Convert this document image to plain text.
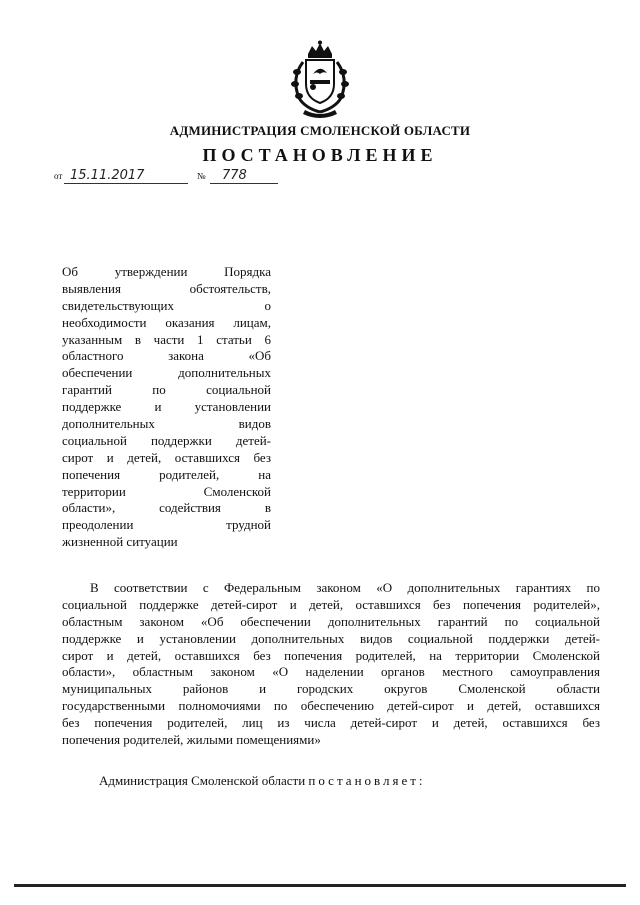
АДМИНИСТРАЦИЯ СМОЛЕНСКОЙ ОБЛАСТИ
ПОСТАНОВЛЕНИЕ
от 15.11.2017	№	778
Об утверждении Порядка
выявления обстоятельств,
свидетельствующих о
необходимости оказания лицам,
указанным в части 1 статьи 6
областного закона «Об
обеспечении дополнительных
гарантий по социальной
поддержке и установлении
дополнительных видов
социальной поддержки детей-
сирот и детей, оставшихся без
попечения родителей, на
территории Смоленской
области», содействия в
преодолении трудной
жизненной ситуации
В соответствии с Федеральным законом «О дополнительных гарантиях по
социальной поддержке детей-сирот и детей, оставшихся без попечения родителей»,
областным законом «Об обеспечении дополнительных гарантий по социальной
поддержке и установлении дополнительных видов социальной поддержки детей-
сирот и детей, оставшихся без попечения родителей, на территории Смоленской
области», областным законом «О наделении органов местного самоуправления
муниципальных районов и городских округов Смоленской области
государственными полномочиями по обеспечению детей-сирот и детей, оставшихся
без попечения родителей, лиц из числа детей-сирот и детей, оставшихся без
попечения родителей, жилыми помещениями»
Администрация Смоленской области постановляет:
